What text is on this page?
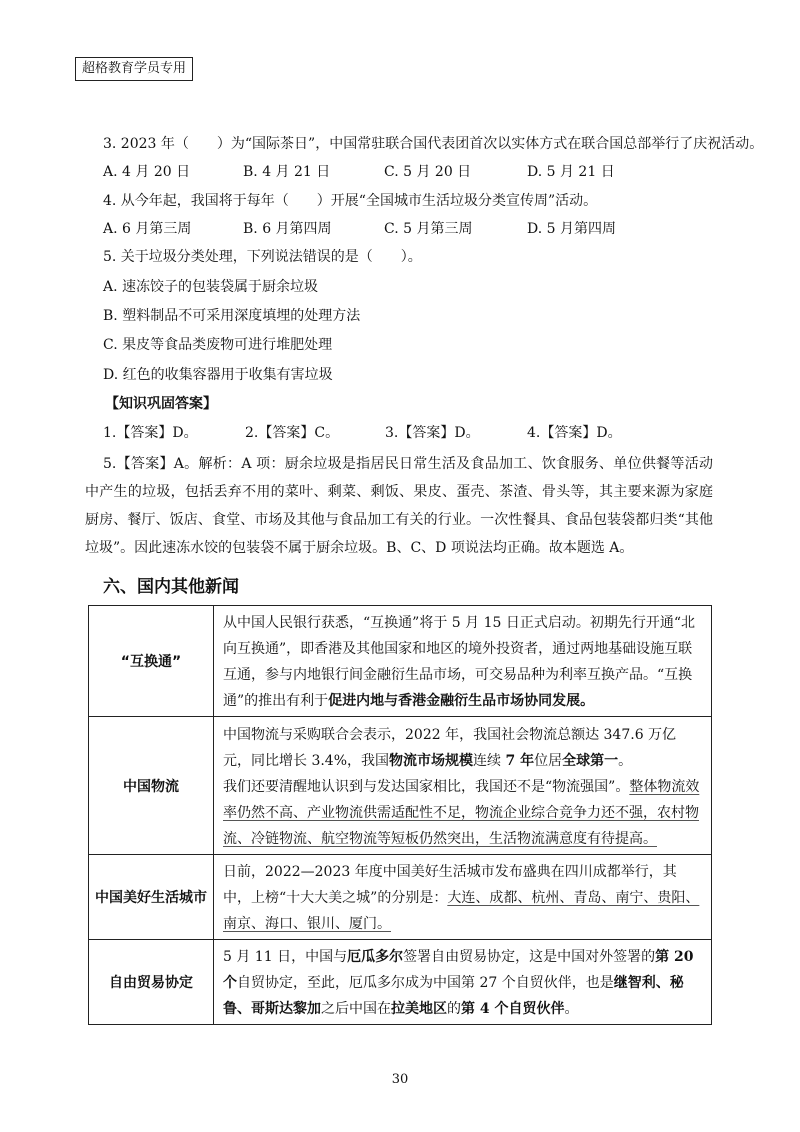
超格教育学员专用
3. 2023 年（　　）为“国际茶日”，中国常驻联合国代表团首次以实体方式在联合国总部举行了庆祝活动。
A. 4 月 20 日	B. 4 月 21 日	C. 5 月 20 日	D. 5 月 21 日
4. 从今年起，我国将于每年（　　）开展“全国城市生活垃圾分类宣传周”活动。
A. 6 月第三周	B. 6 月第四周	C. 5 月第三周	D. 5 月第四周
5. 关于垃圾分类处理，下列说法错误的是（　　）。
A. 速冻饺子的包装袋属于厨余垃圾
B. 塑料制品不可采用深度填埋的处理方法
C. 果皮等食品类废物可进行堆肥处理
D. 红色的收集容器用于收集有害垃圾
【知识巩固答案】
1.【答案】D。	2.【答案】C。	3.【答案】D。	4.【答案】D。
5.【答案】A。解析：A 项：厨余垃圾是指居民日常生活及食品加工、饮食服务、单位供餐等活动中产生的垃圾，包括丢弃不用的菜叶、剩菜、剩饭、果皮、蛋壳、茶渣、骨头等，其主要来源为家庭厨房、餐厅、饭店、食堂、市场及其他与食品加工有关的行业。一次性餐具、食品包装袋都归类“其他垃圾”。因此速冻水饺的包装袋不属于厨余垃圾。B、C、D 项说法均正确。故本题选 A。
六、国内其他新闻
“互换通”	从中国人民银行获悉，“互换通”将于 5 月 15 日正式启动。初期先行开通“北向互换通”，即香港及其他国家和地区的境外投资者，通过两地基础设施互联互通，参与内地银行间金融衍生品市场，可交易品种为利率互换产品。“互换通”的推出有利于促进内地与香港金融衍生品市场协同发展。
中国物流	中国物流与采购联合会表示，2022 年，我国社会物流总额达 347.6 万亿元，同比增长 3.4%，我国物流市场规模连续 7 年位居全球第一。
我们还要清醒地认识到与发达国家相比，我国还不是“物流强国”。整体物流效率仍然不高、产业物流供需适配性不足，物流企业综合竞争力还不强，农村物流、冷链物流、航空物流等短板仍然突出，生活物流满意度有待提高。

中国美好生活城市	日前，2022—2023 年度中国美好生活城市发布盛典在四川成都举行，其中，上榜“十大大美之城”的分别是：大连、成都、杭州、青岛、南宁、贵阳、南京、海口、银川、厦门。
自由贸易协定	5 月 11 日，中国与厄瓜多尔签署自由贸易协定，这是中国对外签署的第 20 个自贸协定，至此，厄瓜多尔成为中国第 27 个自贸伙伴，也是继智利、秘鲁、哥斯达黎加之后中国在拉美地区的第 4 个自贸伙伴。
30
